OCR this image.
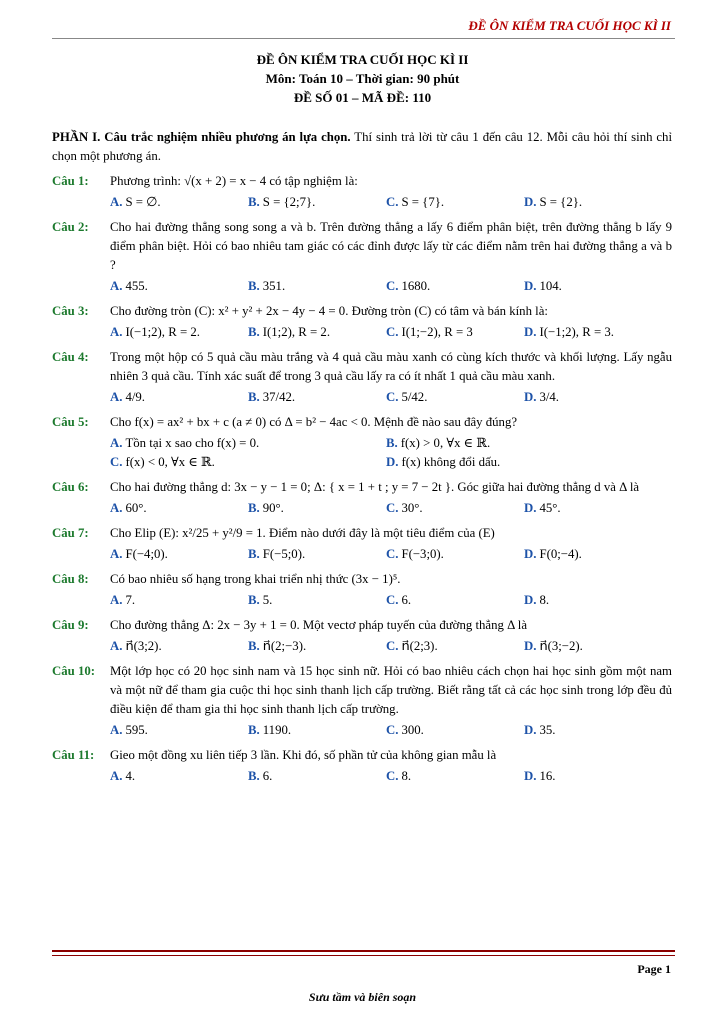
ĐỀ ÔN KIỂM TRA CUỐI HỌC KÌ II
ĐỀ ÔN KIỂM TRA CUỐI HỌC KÌ II
Môn: Toán 10 – Thời gian: 90 phút
ĐỀ SỐ 01 – MÃ ĐỀ: 110
PHẦN I. Câu trắc nghiệm nhiều phương án lựa chọn. Thí sinh trả lời từ câu 1 đến câu 12. Mỗi câu hỏi thí sinh chỉ chọn một phương án.
Câu 1:	Phương trình: √(x + 2) = x − 4 có tập nghiệm là:
A. S = ∅.	B. S = {2;7}.	C. S = {7}.	D. S = {2}.
Câu 2:	Cho hai đường thẳng song song a và b. Trên đường thẳng a lấy 6 điểm phân biệt, trên đường thẳng b lấy 9 điểm phân biệt. Hỏi có bao nhiêu tam giác có các đỉnh được lấy từ các điểm nằm trên hai đường thẳng a và b ?
A. 455.	B. 351.	C. 1680.	D. 104.
Câu 3:	Cho đường tròn (C): x² + y² + 2x − 4y − 4 = 0. Đường tròn (C) có tâm và bán kính là:
A. I(−1;2), R = 2.	B. I(1;2), R = 2.	C. I(1;−2), R = 3	D. I(−1;2), R = 3.
Câu 4:	Trong một hộp có 5 quả cầu màu trắng và 4 quả cầu màu xanh có cùng kích thước và khối lượng. Lấy ngẫu nhiên 3 quả cầu. Tính xác suất để trong 3 quả cầu lấy ra có ít nhất 1 quả cầu màu xanh.
A. 4/9.	B. 37/42.	C. 5/42.	D. 3/4.
Câu 5:	Cho f(x) = ax² + bx + c (a ≠ 0) có Δ = b² − 4ac < 0. Mệnh đề nào sau đây đúng?
A. Tồn tại x sao cho f(x) = 0.	B. f(x) > 0, ∀x ∈ ℝ.
C. f(x) < 0, ∀x ∈ ℝ.	D. f(x) không đổi dấu.
Câu 6:	Cho hai đường thẳng d: 3x − y − 1 = 0; Δ: { x = 1 + t ; y = 7 − 2t }. Góc giữa hai đường thẳng d và Δ là
A. 60°.	B. 90°.	C. 30°.	D. 45°.
Câu 7:	Cho Elip (E): x²/25 + y²/9 = 1. Điểm nào dưới đây là một tiêu điểm của (E)
A. F(−4;0).	B. F(−5;0).	C. F(−3;0).	D. F(0;−4).
Câu 8:	Có bao nhiêu số hạng trong khai triển nhị thức (3x − 1)⁵.
A. 7.	B. 5.	C. 6.	D. 8.
Câu 9:	Cho đường thẳng Δ: 2x − 3y + 1 = 0. Một vectơ pháp tuyến của đường thẳng Δ là
A. n⃗(3;2).	B. n⃗(2;−3).	C. n⃗(2;3).	D. n⃗(3;−2).
Câu 10:	Một lớp học có 20 học sinh nam và 15 học sinh nữ. Hỏi có bao nhiêu cách chọn hai học sinh gồm một nam và một nữ để tham gia cuộc thi học sinh thanh lịch cấp trường. Biết rằng tất cả các học sinh trong lớp đều đủ điều kiện để tham gia thi học sinh thanh lịch cấp trường.
A. 595.	B. 1190.	C. 300.	D. 35.
Câu 11:	Gieo một đồng xu liên tiếp 3 lần. Khi đó, số phần tử của không gian mẫu là
A. 4.	B. 6.	C. 8.	D. 16.
Page 1
Sưu tầm và biên soạn
